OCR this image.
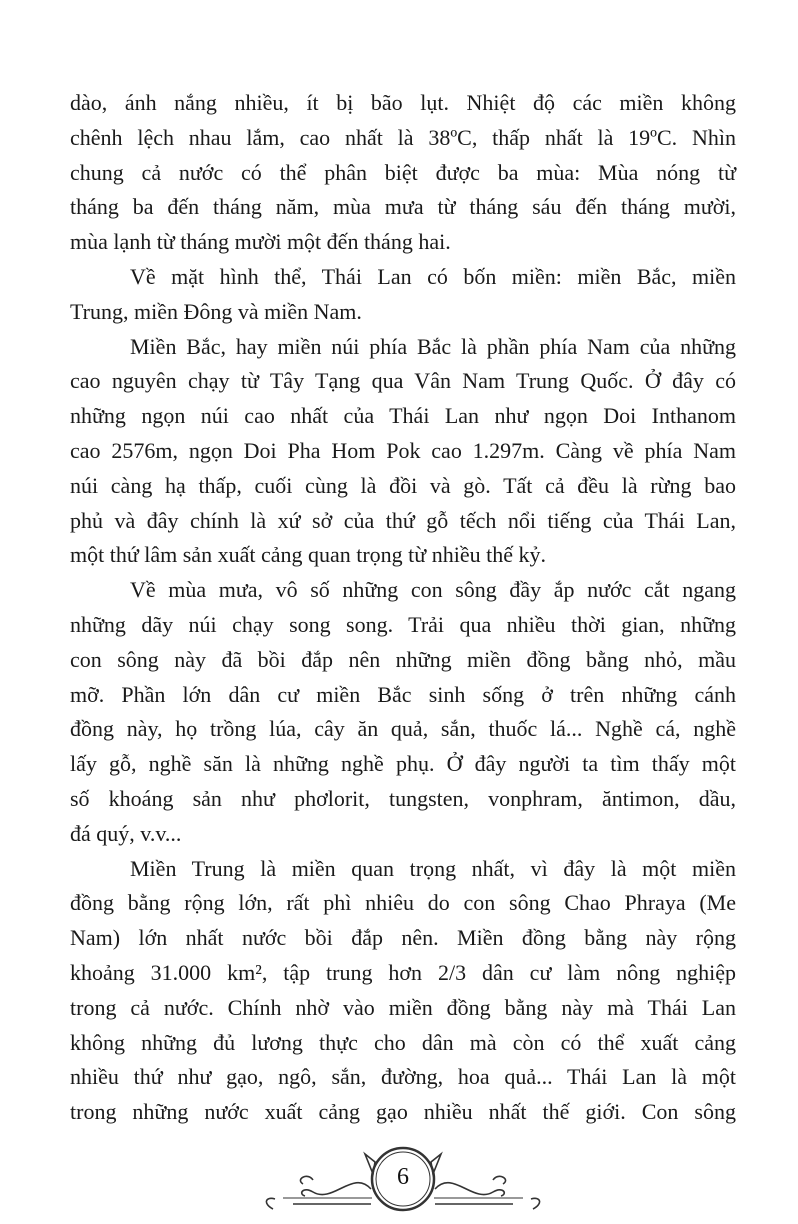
dào, ánh nắng nhiều, ít bị bão lụt. Nhiệt độ các miền không
chênh lệch nhau lắm, cao nhất là 38ºC, thấp nhất là 19ºC. Nhìn
chung cả nước có thể phân biệt được ba mùa: Mùa nóng từ
tháng ba đến tháng năm, mùa mưa từ tháng sáu đến tháng mười,
mùa lạnh từ tháng mười một đến tháng hai.
Về mặt hình thể, Thái Lan có bốn miền: miền Bắc, miền
Trung, miền Đông và miền Nam.
Miền Bắc, hay miền núi phía Bắc là phần phía Nam của những
cao nguyên chạy từ Tây Tạng qua Vân Nam Trung Quốc. Ở đây có
những ngọn núi cao nhất của Thái Lan như ngọn Doi Inthanom
cao 2576m, ngọn Doi Pha Hom Pok cao 1.297m. Càng về phía Nam
núi càng hạ thấp, cuối cùng là đồi và gò. Tất cả đều là rừng bao
phủ và đây chính là xứ sở của thứ gỗ tếch nổi tiếng của Thái Lan,
một thứ lâm sản xuất cảng quan trọng từ nhiều thế kỷ.
Về mùa mưa, vô số những con sông đầy ắp nước cắt ngang
những dãy núi chạy song song. Trải qua nhiều thời gian, những
con sông này đã bồi đắp nên những miền đồng bằng nhỏ, mầu
mỡ. Phần lớn dân cư miền Bắc sinh sống ở trên những cánh
đồng này, họ trồng lúa, cây ăn quả, sắn, thuốc lá... Nghề cá, nghề
lấy gỗ, nghề săn là những nghề phụ. Ở đây người ta tìm thấy một
số khoáng sản như phơlorit, tungsten, vonphram, ăntimon, dầu,
đá quý, v.v...
Miền Trung là miền quan trọng nhất, vì đây là một miền
đồng bằng rộng lớn, rất phì nhiêu do con sông Chao Phraya (Me
Nam) lớn nhất nước bồi đắp nên. Miền đồng bằng này rộng
khoảng 31.000 km², tập trung hơn 2/3 dân cư làm nông nghiệp
trong cả nước. Chính nhờ vào miền đồng bằng này mà Thái Lan
không những đủ lương thực cho dân mà còn có thể xuất cảng
nhiều thứ như gạo, ngô, sắn, đường, hoa quả... Thái Lan là một
trong những nước xuất cảng gạo nhiều nhất thế giới. Con sông
6
